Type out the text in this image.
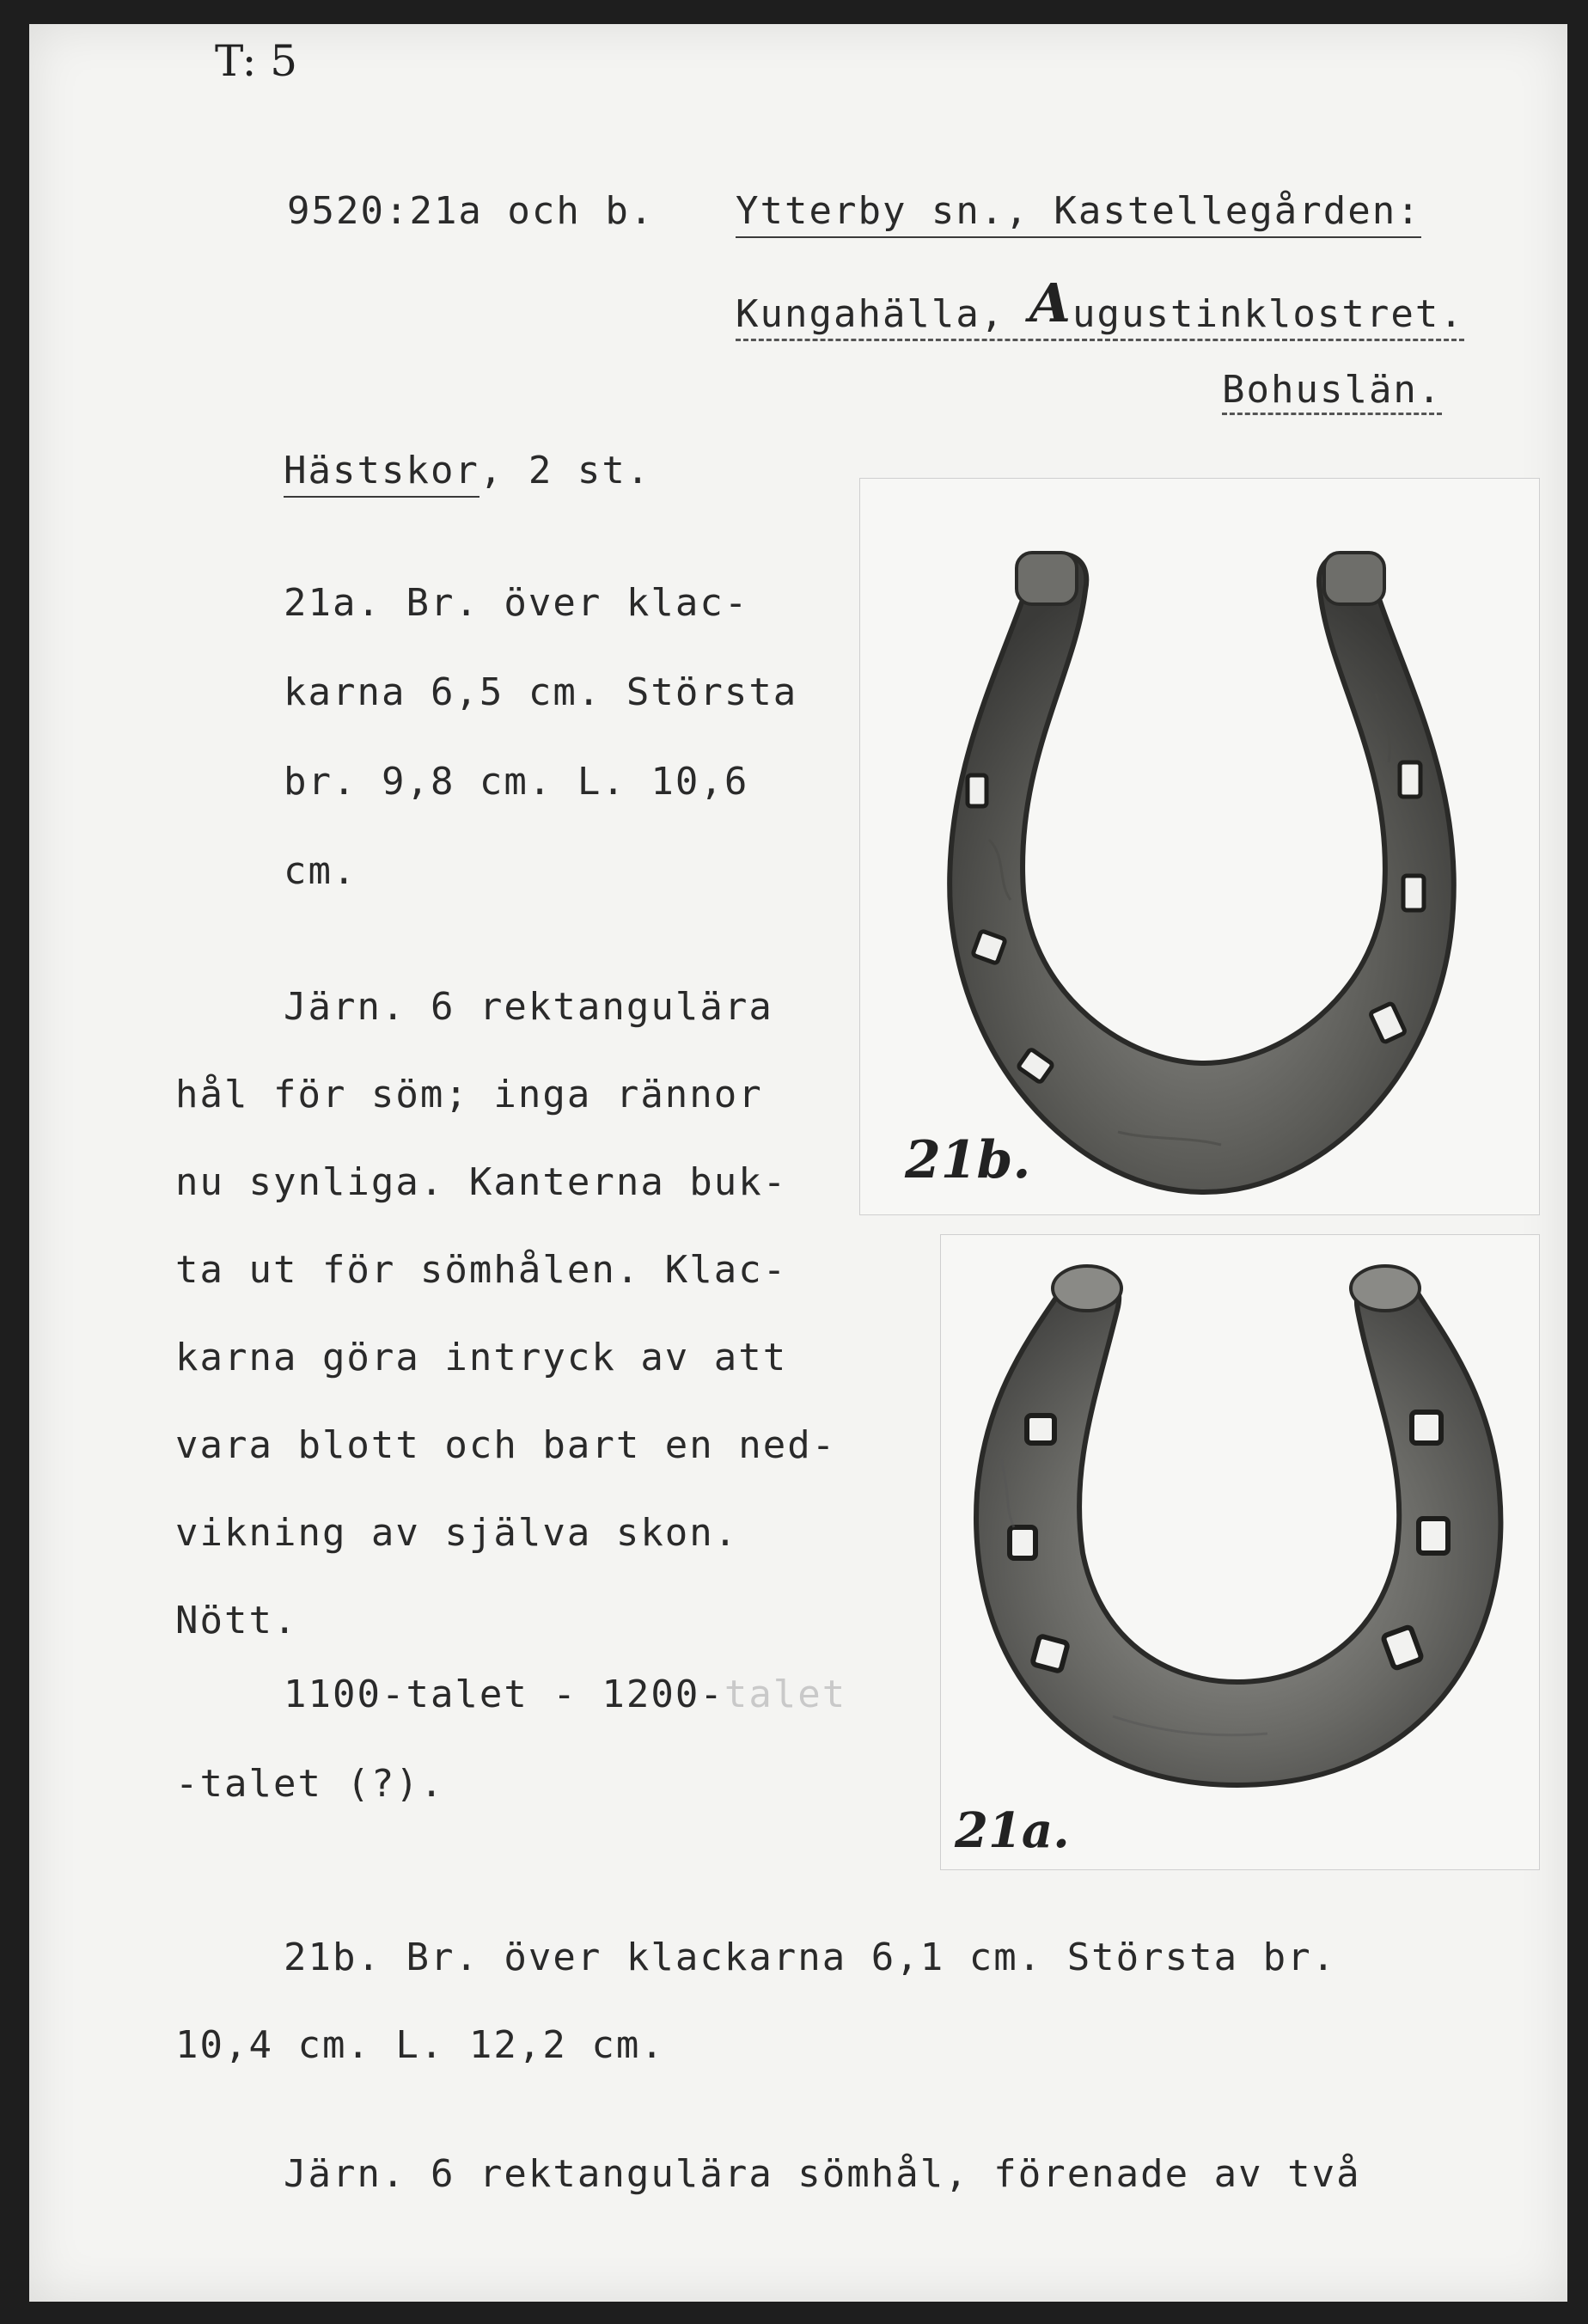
T: 5
9520:21a och b. Ytterby sn., Kastellegården:
Kungahälla, Augustinklostret.
Bohuslän.
Hästskor, 2 st.
21a. Br. över klac-
karna 6,5 cm. Största
br. 9,8 cm. L. 10,6
cm.
Järn. 6 rektangulära
hål för söm; inga rännor
nu synliga. Kanterna buk-
ta ut för sömhålen. Klac-
karna göra intryck av att
vara blott och bart en ned-
vikning av själva skon.
Nött.
1100-talet - 1200-talet
-talet (?).
21b. Br. över klackarna 6,1 cm. Största br.
10,4 cm. L. 12,2 cm.
Järn. 6 rektangulära sömhål, förenade av två
21b.
21a.
